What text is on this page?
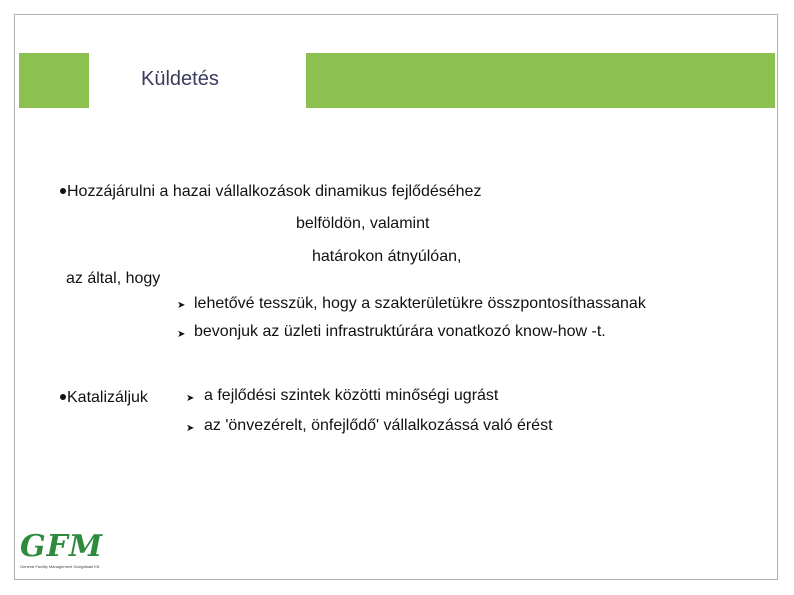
Küldetés
Hozzájárulni a hazai vállalkozások dinamikus fejlődéséhez
belföldön, valamint
határokon átnyúlóan,
az által, hogy
➤ lehetővé tesszük, hogy a szakterületükre összpontosíthassanak
➤ bevonjuk az üzleti infrastruktúrára vonatkozó know-how -t.
Katalizáljuk	➤ a fejlődési szintek közötti minőségi ugrást
➤ az 'önvezérelt, önfejlődő' vállalkozássá való érést
GFM
General Facility Management Szolgáltató Kft.
